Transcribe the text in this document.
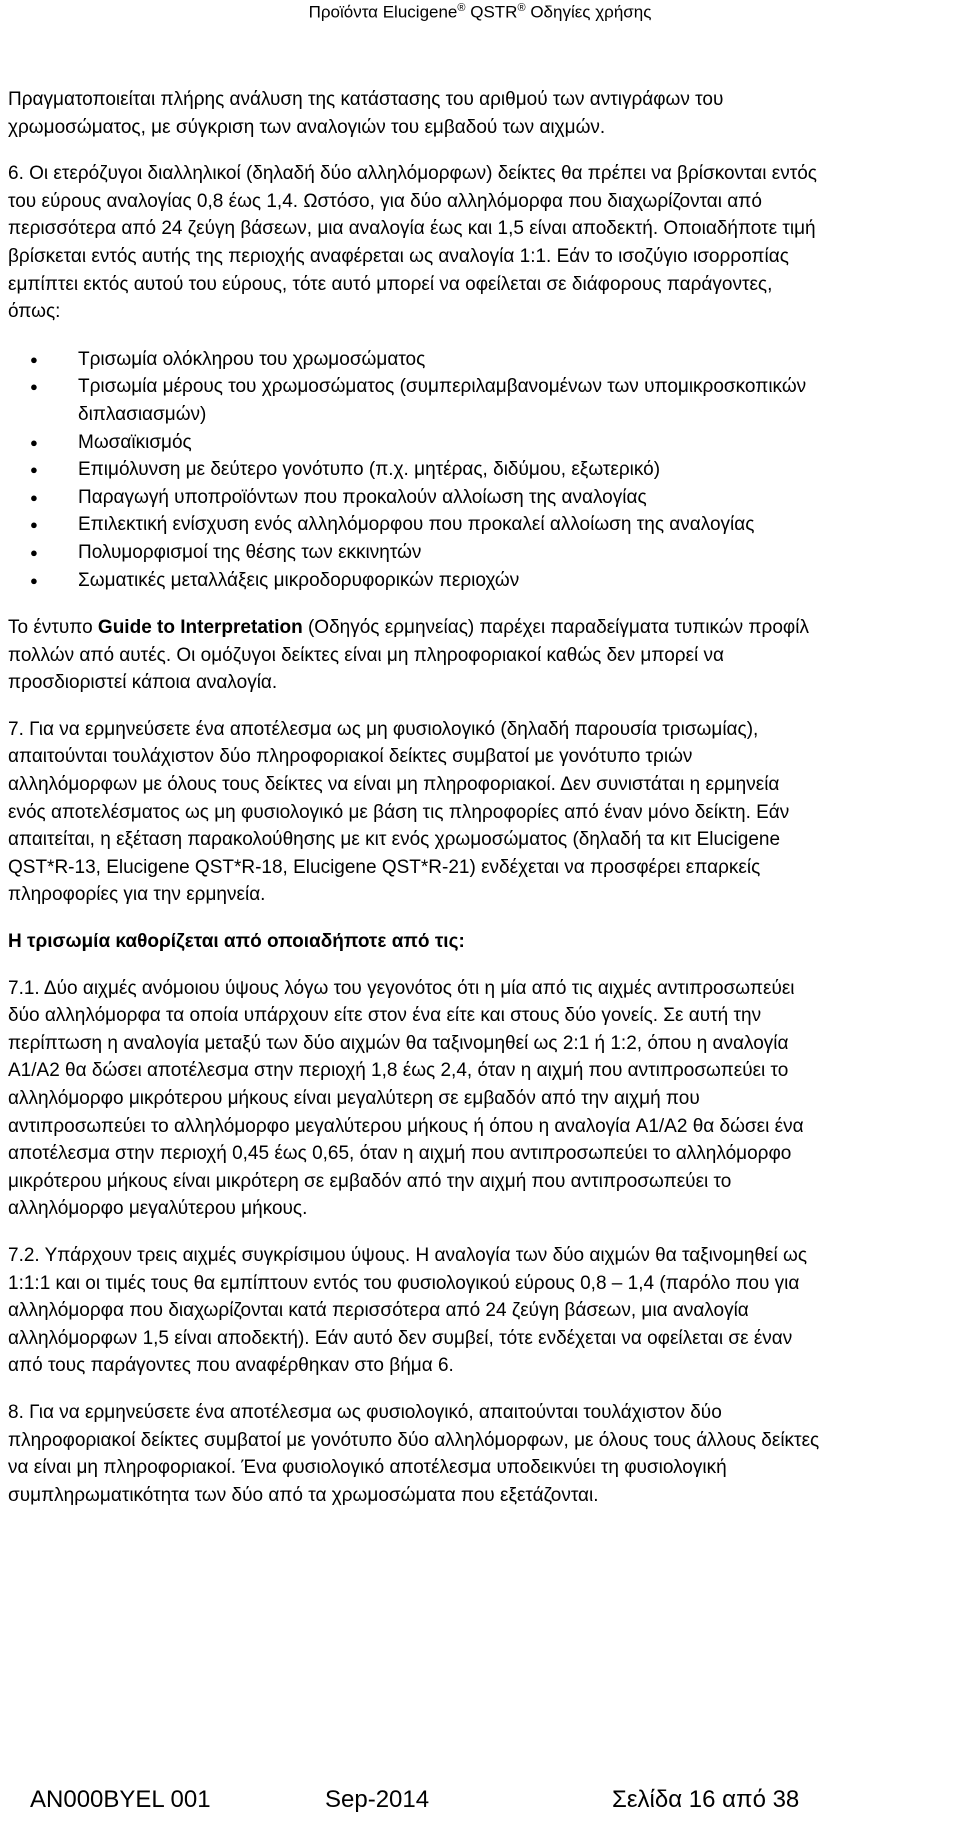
Προϊόντα Elucigene® QSTR® Οδηγίες χρήσης

Πραγματοποιείται πλήρης ανάλυση της κατάστασης του αριθμού των αντιγράφων του χρωμοσώματος, με σύγκριση των αναλογιών του εμβαδού των αιχμών.

6. Οι ετερόζυγοι διαλληλικοί (δηλαδή δύο αλληλόμορφων) δείκτες θα πρέπει να βρίσκονται εντός του εύρους αναλογίας 0,8 έως 1,4. Ωστόσο, για δύο αλληλόμορφα που διαχωρίζονται από περισσότερα από 24 ζεύγη βάσεων, μια αναλογία έως και 1,5 είναι αποδεκτή. Οποιαδήποτε τιμή βρίσκεται εντός αυτής της περιοχής αναφέρεται ως αναλογία 1:1. Εάν το ισοζύγιο ισορροπίας εμπίπτει εκτός αυτού του εύρους, τότε αυτό μπορεί να οφείλεται σε διάφορους παράγοντες, όπως:

● Τρισωμία ολόκληρου του χρωμοσώματος
● Τρισωμία μέρους του χρωμοσώματος (συμπεριλαμβανομένων των υπομικροσκοπικών διπλασιασμών)
● Μωσαϊκισμός
● Επιμόλυνση με δεύτερο γονότυπο (π.χ. μητέρας, διδύμου, εξωτερικό)
● Παραγωγή υποπροϊόντων που προκαλούν αλλοίωση της αναλογίας
● Επιλεκτική ενίσχυση ενός αλληλόμορφου που προκαλεί αλλοίωση της αναλογίας
● Πολυμορφισμοί της θέσης των εκκινητών
● Σωματικές μεταλλάξεις μικροδορυφορικών περιοχών

Το έντυπο Guide to Interpretation (Οδηγός ερμηνείας) παρέχει παραδείγματα τυπικών προφίλ πολλών από αυτές. Οι ομόζυγοι δείκτες είναι μη πληροφοριακοί καθώς δεν μπορεί να προσδιοριστεί κάποια αναλογία.

7. Για να ερμηνεύσετε ένα αποτέλεσμα ως μη φυσιολογικό (δηλαδή παρουσία τρισωμίας), απαιτούνται τουλάχιστον δύο πληροφοριακοί δείκτες συμβατοί με γονότυπο τριών αλληλόμορφων με όλους τους δείκτες να είναι μη πληροφοριακοί. Δεν συνιστάται η ερμηνεία ενός αποτελέσματος ως μη φυσιολογικό με βάση τις πληροφορίες από έναν μόνο δείκτη. Εάν απαιτείται, η εξέταση παρακολούθησης με κιτ ενός χρωμοσώματος (δηλαδή τα κιτ Elucigene QST*R-13, Elucigene QST*R-18, Elucigene QST*R-21) ενδέχεται να προσφέρει επαρκείς πληροφορίες για την ερμηνεία.

Η τρισωμία καθορίζεται από οποιαδήποτε από τις:

7.1. Δύο αιχμές ανόμοιου ύψους λόγω του γεγονότος ότι η μία από τις αιχμές αντιπροσωπεύει δύο αλληλόμορφα τα οποία υπάρχουν είτε στον ένα είτε και στους δύο γονείς. Σε αυτή την περίπτωση η αναλογία μεταξύ των δύο αιχμών θα ταξινομηθεί ως 2:1 ή 1:2, όπου η αναλογία A1/A2 θα δώσει αποτέλεσμα στην περιοχή 1,8 έως 2,4, όταν η αιχμή που αντιπροσωπεύει το αλληλόμορφο μικρότερου μήκους είναι μεγαλύτερη σε εμβαδόν από την αιχμή που αντιπροσωπεύει το αλληλόμορφο μεγαλύτερου μήκους ή όπου η αναλογία A1/A2 θα δώσει ένα αποτέλεσμα στην περιοχή 0,45 έως 0,65, όταν η αιχμή που αντιπροσωπεύει το αλληλόμορφο μικρότερου μήκους είναι μικρότερη σε εμβαδόν από την αιχμή που αντιπροσωπεύει το αλληλόμορφο μεγαλύτερου μήκους.

7.2. Υπάρχουν τρεις αιχμές συγκρίσιμου ύψους. Η αναλογία των δύο αιχμών θα ταξινομηθεί ως 1:1:1 και οι τιμές τους θα εμπίπτουν εντός του φυσιολογικού εύρους 0,8 – 1,4 (παρόλο που για αλληλόμορφα που διαχωρίζονται κατά περισσότερα από 24 ζεύγη βάσεων, μια αναλογία αλληλόμορφων 1,5 είναι αποδεκτή). Εάν αυτό δεν συμβεί, τότε ενδέχεται να οφείλεται σε έναν από τους παράγοντες που αναφέρθηκαν στο βήμα 6.

8. Για να ερμηνεύσετε ένα αποτέλεσμα ως φυσιολογικό, απαιτούνται τουλάχιστον δύο πληροφοριακοί δείκτες συμβατοί με γονότυπο δύο αλληλόμορφων, με όλους τους άλλους δείκτες να είναι μη πληροφοριακοί. Ένα φυσιολογικό αποτέλεσμα υποδεικνύει τη φυσιολογική συμπληρωματικότητα των δύο από τα χρωμοσώματα που εξετάζονται.

AN000BYEL 001	Sep-2014	Σελίδα 16 από 38
